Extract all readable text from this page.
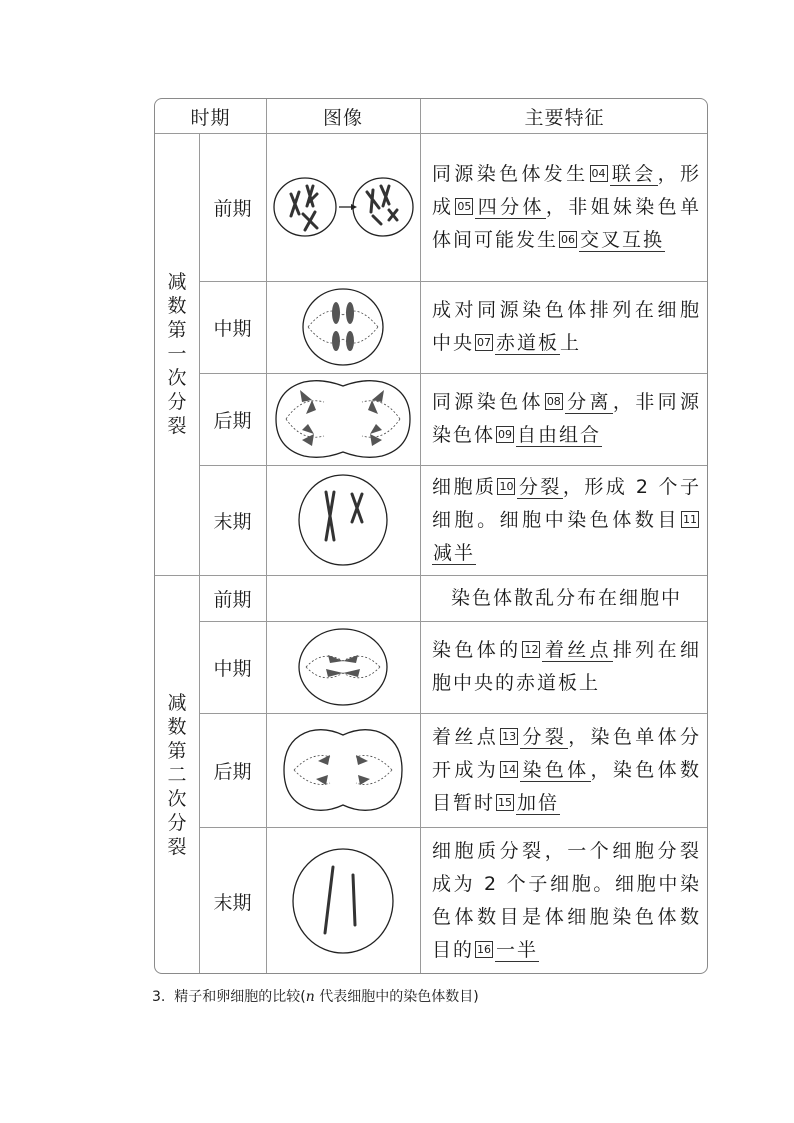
时期	图像	主要特征
减
数
第
一
次
分
裂
减
数
第
二
次
分
裂
前期
中期
后期
末期
前期
中期
后期
末期
同源染色体发生 04 联会，形成 05 四分体，非姐妹染色单体间可能发生 06 交叉互换
成对同源染色体排列在细胞中央 07 赤道板上
同源染色体 08 分离，非同源染色体 09 自由组合
细胞质 10 分裂，形成 2 个子细胞。细胞中染色体数目 11减半
染色体散乱分布在细胞中
染色体的 12 着丝点排列在细胞中央的赤道板上
着丝点 13 分裂，染色单体分开成为 14 染色体，染色体数目暂时 15 加倍
细胞质分裂，一个细胞分裂成为 2 个子细胞。细胞中染色体数目是体细胞染色体数目的 16 一半
3. 精子和卵细胞的比较(n 代表细胞中的染色体数目)
